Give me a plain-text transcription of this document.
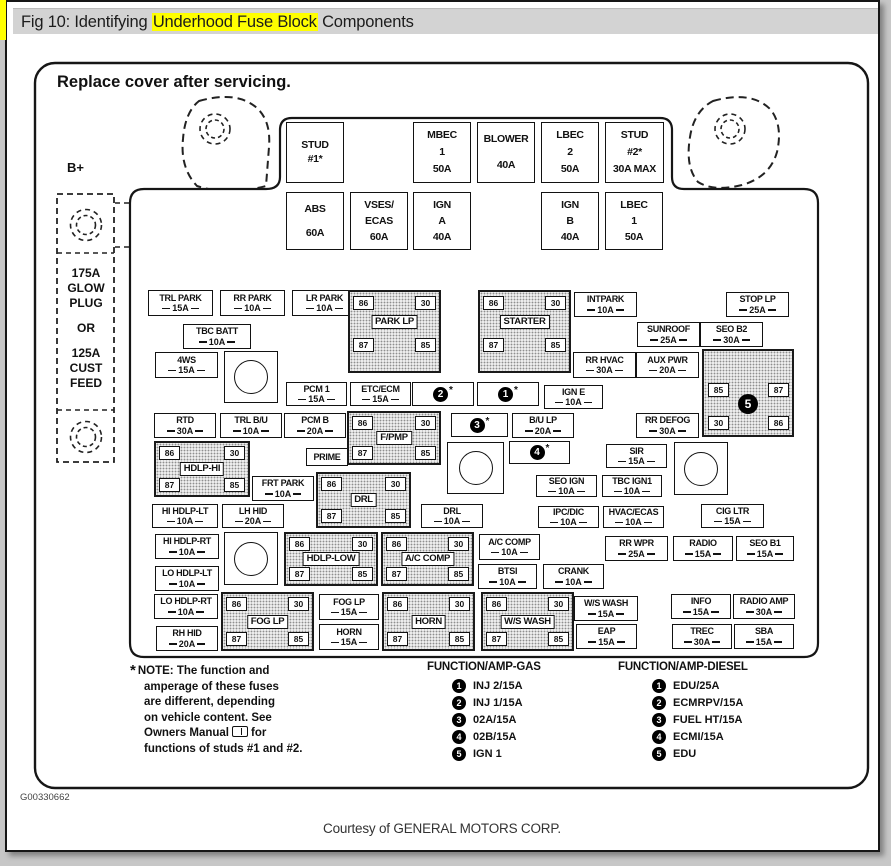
Fig 10: Identifying Underhood Fuse Block Components
Replace cover after servicing.
B+
175A
GLOW
PLUG
OR
125A
CUST
FEED
* NOTE: The function and
amperage of these fuses
are different, depending
on vehicle content. See
Owners Manual for
functions of studs #1 and #2.
FUNCTION/AMP-GAS
1	INJ 2/15A
2	INJ 1/15A
3	02A/15A
4	02B/15A
5	IGN 1
FUNCTION/AMP-DIESEL
1	EDU/25A
2	ECMRPV/15A
3	FUEL HT/15A
4	ECMI/15A
5	EDU
G00330662
Courtesy of GENERAL MOTORS CORP.
TRL PARK
15A
RR PARK
10A
LR PARK
10A
INTPARK
10A
STOP LP
25A
TBC BATT
10A
SUNROOF
25A
SEO B2
30A
4WS
15A
RR HVAC
30A
AUX PWR
20A
PCM 1
15A
ETC/ECM
15A
IGN E
10A
RTD
30A
TRL B/U
10A
PCM B
20A
B/U LP
20A
RR DEFOG
30A
PRIME
SIR
15A
FRT PARK
10A
SEO IGN
10A
TBC IGN1
10A
HI HDLP-LT
10A
LH HID
20A
DRL
10A
IPC/DIC
10A
HVAC/ECAS
10A
CIG LTR
15A
HI HDLP-RT
10A
A/C COMP
10A
RR WPR
25A
RADIO
15A
SEO B1
15A
LO HDLP-LT
10A
BTSI
10A
CRANK
10A
LO HDLP-RT
10A
FOG LP
15A
W/S WASH
15A
INFO
15A
RADIO AMP
30A
RH HID
20A
HORN
15A
EAP
15A
TREC
30A
SBA
15A
STUD
#1*
MBEC
1
50A
BLOWER
40A
LBEC
2
50A
STUD
#2*
30A MAX
ABS
60A
VSES/
ECAS
60A
IGN
A
40A
IGN
B
40A
LBEC
1
50A
2 *	1 *
3 *
4 *
86	30
87	85
PARK LP
86	30
87	85
STARTER
86	30
87	85
F/PMP
86	30
87	85
HDLP-HI
86	30
87	85
DRL
86	30
87	85
HDLP-LOW
86	30
87	85
A/C COMP
86	30
87	85
FOG LP
86	30
87	85
HORN
86	30
87	85
W/S WASH
85	87
30	86
5
